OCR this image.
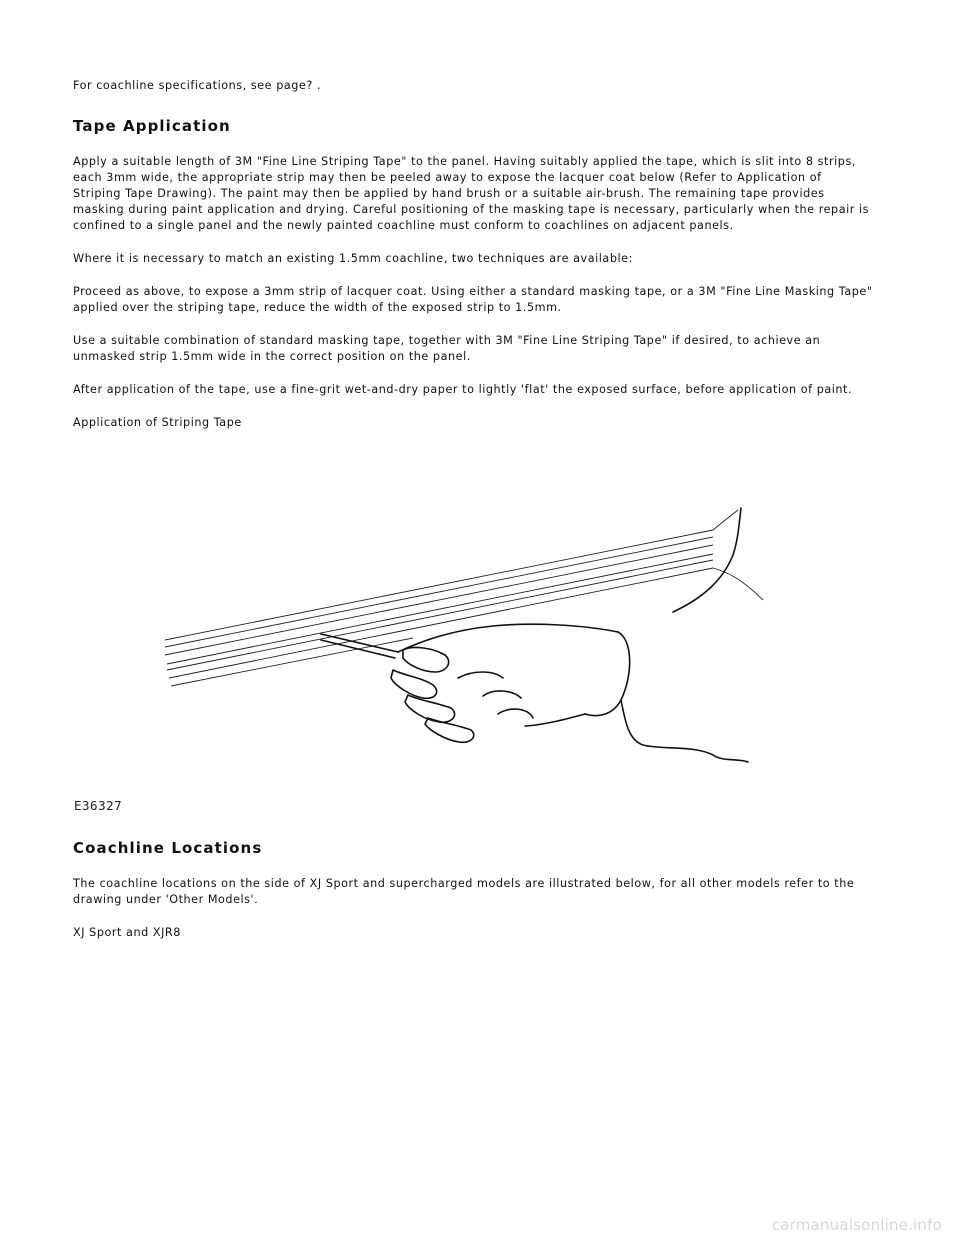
For coachline specifications, see page? .

Tape Application

Apply a suitable length of 3M "Fine Line Striping Tape" to the panel. Having suitably applied the tape, which is slit into 8 strips, each 3mm wide, the appropriate strip may then be peeled away to expose the lacquer coat below (Refer to Application of Striping Tape Drawing). The paint may then be applied by hand brush or a suitable air-brush. The remaining tape provides masking during paint application and drying. Careful positioning of the masking tape is necessary, particularly when the repair is confined to a single panel and the newly painted coachline must conform to coachlines on adjacent panels.

Where it is necessary to match an existing 1.5mm coachline, two techniques are available:

Proceed as above, to expose a 3mm strip of lacquer coat. Using either a standard masking tape, or a 3M "Fine Line Masking Tape" applied over the striping tape, reduce the width of the exposed strip to 1.5mm.

Use a suitable combination of standard masking tape, together with 3M "Fine Line Striping Tape" if desired, to achieve an unmasked strip 1.5mm wide in the correct position on the panel.

After application of the tape, use a fine-grit wet-and-dry paper to lightly 'flat' the exposed surface, before application of paint.

Application of Striping Tape

E36327
Coachline Locations

The coachline locations on the side of XJ Sport and supercharged models are illustrated below, for all other models refer to the drawing under 'Other Models'.

XJ Sport and XJR8

carmanualsonline.info
